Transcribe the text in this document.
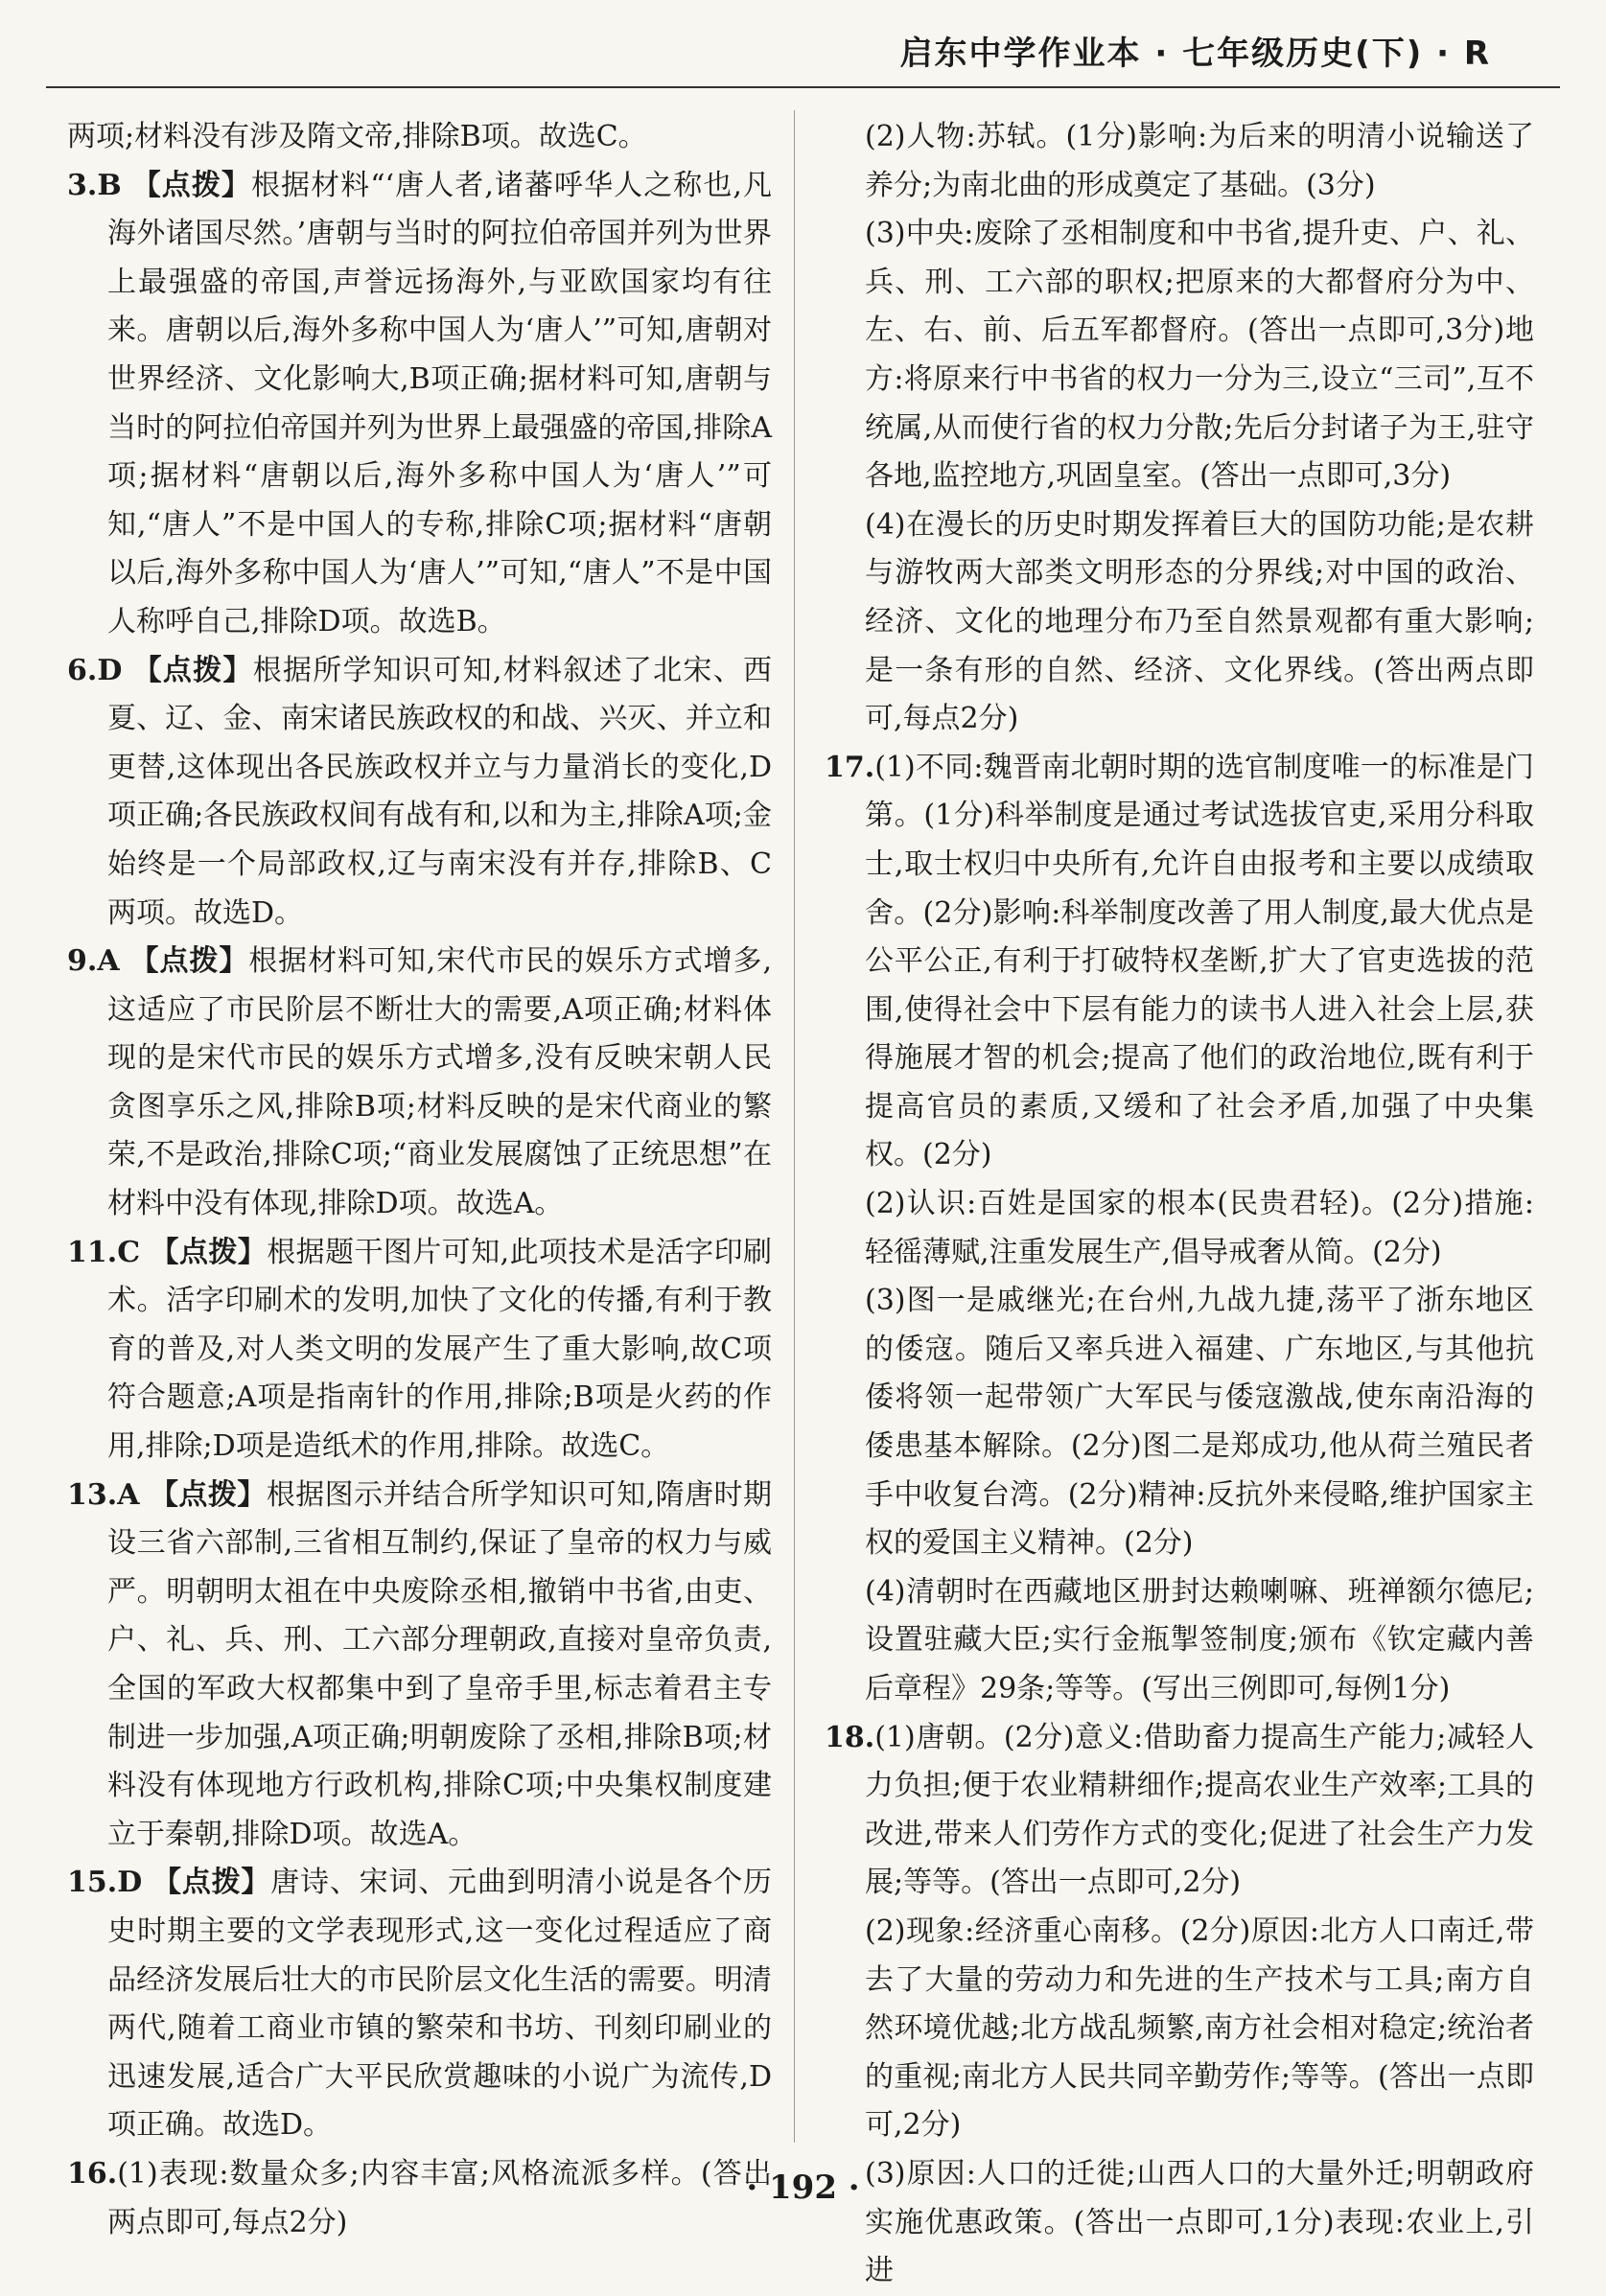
启东中学作业本 · 七年级历史(下) · R

两项;材料没有涉及隋文帝,排除B项。故选C。

3.B 【点拨】根据材料“‘唐人者,诸蕃呼华人之称也,凡海外诸国尽然。’唐朝与当时的阿拉伯帝国并列为世界上最强盛的帝国,声誉远扬海外,与亚欧国家均有往来。唐朝以后,海外多称中国人为‘唐人’”可知,唐朝对世界经济、文化影响大,B项正确;据材料可知,唐朝与当时的阿拉伯帝国并列为世界上最强盛的帝国,排除A项;据材料“唐朝以后,海外多称中国人为‘唐人’”可知,“唐人”不是中国人的专称,排除C项;据材料“唐朝以后,海外多称中国人为‘唐人’”可知,“唐人”不是中国人称呼自己,排除D项。故选B。

6.D 【点拨】根据所学知识可知,材料叙述了北宋、西夏、辽、金、南宋诸民族政权的和战、兴灭、并立和更替,这体现出各民族政权并立与力量消长的变化,D项正确;各民族政权间有战有和,以和为主,排除A项;金始终是一个局部政权,辽与南宋没有并存,排除B、C两项。故选D。

9.A 【点拨】根据材料可知,宋代市民的娱乐方式增多,这适应了市民阶层不断壮大的需要,A项正确;材料体现的是宋代市民的娱乐方式增多,没有反映宋朝人民贪图享乐之风,排除B项;材料反映的是宋代商业的繁荣,不是政治,排除C项;“商业发展腐蚀了正统思想”在材料中没有体现,排除D项。故选A。

11.C 【点拨】根据题干图片可知,此项技术是活字印刷术。活字印刷术的发明,加快了文化的传播,有利于教育的普及,对人类文明的发展产生了重大影响,故C项符合题意;A项是指南针的作用,排除;B项是火药的作用,排除;D项是造纸术的作用,排除。故选C。

13.A 【点拨】根据图示并结合所学知识可知,隋唐时期设三省六部制,三省相互制约,保证了皇帝的权力与威严。明朝明太祖在中央废除丞相,撤销中书省,由吏、户、礼、兵、刑、工六部分理朝政,直接对皇帝负责,全国的军政大权都集中到了皇帝手里,标志着君主专制进一步加强,A项正确;明朝废除了丞相,排除B项;材料没有体现地方行政机构,排除C项;中央集权制度建立于秦朝,排除D项。故选A。

15.D 【点拨】唐诗、宋词、元曲到明清小说是各个历史时期主要的文学表现形式,这一变化过程适应了商品经济发展后壮大的市民阶层文化生活的需要。明清两代,随着工商业市镇的繁荣和书坊、刊刻印刷业的迅速发展,适合广大平民欣赏趣味的小说广为流传,D项正确。故选D。

16.(1)表现:数量众多;内容丰富;风格流派多样。(答出两点即可,每点2分)

(2)人物:苏轼。(1分)影响:为后来的明清小说输送了养分;为南北曲的形成奠定了基础。(3分)

(3)中央:废除了丞相制度和中书省,提升吏、户、礼、兵、刑、工六部的职权;把原来的大都督府分为中、左、右、前、后五军都督府。(答出一点即可,3分)地方:将原来行中书省的权力一分为三,设立“三司”,互不统属,从而使行省的权力分散;先后分封诸子为王,驻守各地,监控地方,巩固皇室。(答出一点即可,3分)

(4)在漫长的历史时期发挥着巨大的国防功能;是农耕与游牧两大部类文明形态的分界线;对中国的政治、经济、文化的地理分布乃至自然景观都有重大影响;是一条有形的自然、经济、文化界线。(答出两点即可,每点2分)

17.(1)不同:魏晋南北朝时期的选官制度唯一的标准是门第。(1分)科举制度是通过考试选拔官吏,采用分科取士,取士权归中央所有,允许自由报考和主要以成绩取舍。(2分)影响:科举制度改善了用人制度,最大优点是公平公正,有利于打破特权垄断,扩大了官吏选拔的范围,使得社会中下层有能力的读书人进入社会上层,获得施展才智的机会;提高了他们的政治地位,既有利于提高官员的素质,又缓和了社会矛盾,加强了中央集权。(2分)

(2)认识:百姓是国家的根本(民贵君轻)。(2分)措施:轻徭薄赋,注重发展生产,倡导戒奢从简。(2分)

(3)图一是戚继光;在台州,九战九捷,荡平了浙东地区的倭寇。随后又率兵进入福建、广东地区,与其他抗倭将领一起带领广大军民与倭寇激战,使东南沿海的倭患基本解除。(2分)图二是郑成功,他从荷兰殖民者手中收复台湾。(2分)精神:反抗外来侵略,维护国家主权的爱国主义精神。(2分)

(4)清朝时在西藏地区册封达赖喇嘛、班禅额尔德尼;设置驻藏大臣;实行金瓶掣签制度;颁布《钦定藏内善后章程》29条;等等。(写出三例即可,每例1分)

18.(1)唐朝。(2分)意义:借助畜力提高生产能力;减轻人力负担;便于农业精耕细作;提高农业生产效率;工具的改进,带来人们劳作方式的变化;促进了社会生产力发展;等等。(答出一点即可,2分)

(2)现象:经济重心南移。(2分)原因:北方人口南迁,带去了大量的劳动力和先进的生产技术与工具;南方自然环境优越;北方战乱频繁,南方社会相对稳定;统治者的重视;南北方人民共同辛勤劳作;等等。(答出一点即可,2分)

(3)原因:人口的迁徙;山西人口的大量外迁;明朝政府实施优惠政策。(答出一点即可,1分)表现:农业上,引进

· 192 ·
